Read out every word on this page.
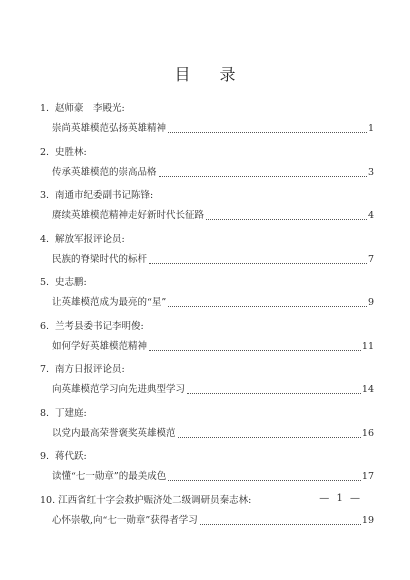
目 录
1. 赵师豪　李殿光:
崇尚英雄模范弘扬英雄精神	1
2. 史胜林:
传承英雄模范的崇高品格	3
3. 南通市纪委副书记陈锋:
赓续英雄模范精神走好新时代长征路	4
4. 解放军报评论员:
民族的脊梁时代的标杆	7
5. 史志鹏:
让英雄模范成为最亮的“星”	9
6. 兰考县委书记李明俊:
如何学好英雄模范精神	11
7. 南方日报评论员:
向英雄模范学习向先进典型学习	14
8. 丁建庭:
以党内最高荣誉褒奖英雄模范	16
9. 蒋代跃:
读懂“七一勋章”的最美成色	17
10. 江西省红十字会救护赈济处二级调研员秦志林:
心怀崇敬,向“七一勋章”获得者学习	19
— 1 —
